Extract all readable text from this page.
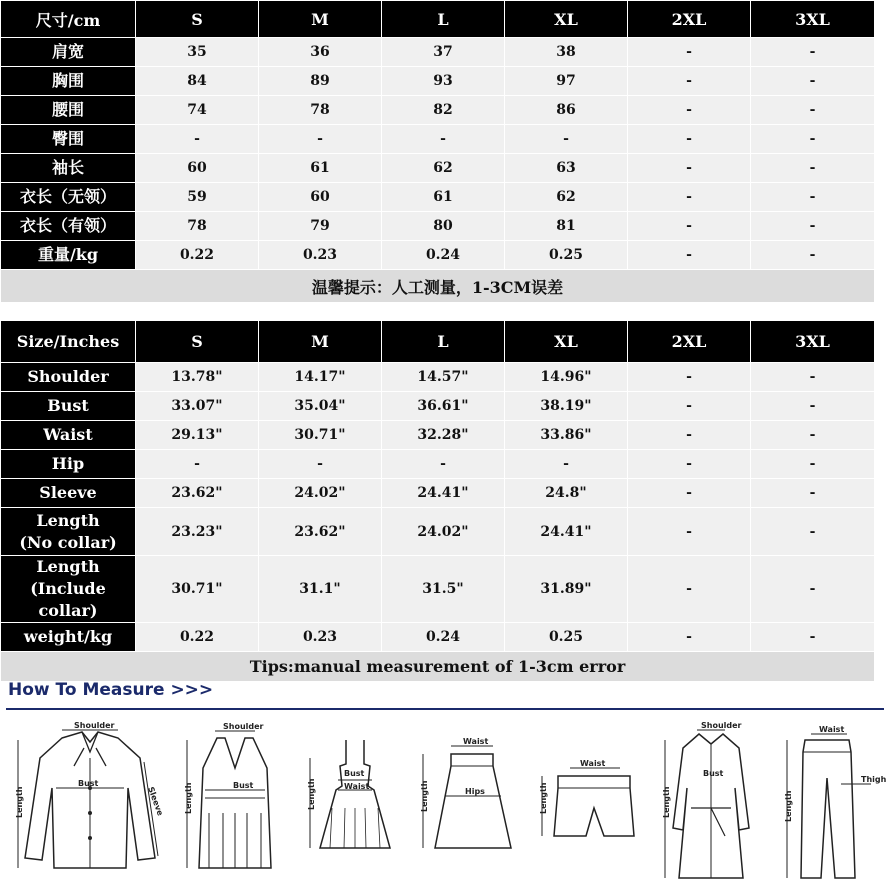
尺寸/cm	S	M	L	XL	2XL	3XL

肩宽	35	36	37	38	-	-

胸围	84	89	93	97	-	-

腰围	74	78	82	86	-	-

臀围	-	-	-	-	-	-

袖长	60	61	62	63	-	-

衣长（无领）	59	60	61	62	-	-

衣长（有领）	78	79	80	81	-	-

重量/kg	0.22	0.23	0.24	0.25	-	-
温馨提示：人工测量，1-3CM误差						
Size/Inches	S	M	L	XL	2XL	3XL

Shoulder	13.78"	14.17"	14.57"	14.96"	-	-

Bust	33.07"	35.04"	36.61"	38.19"	-	-

Waist	29.13"	30.71"	32.28"	33.86"	-	-

Hip	-	-	-	-	-	-

Sleeve	23.62"	24.02"	24.41"	24.8"	-	-

Length
(No collar)	23.23"	23.62"	24.02"	24.41"	-	-

Length
(Include collar)	30.71"	31.1"	31.5"	31.89"	-	-

weight/kg	0.22	0.23	0.24	0.25	-	-
Tips:manual measurement of 1-3cm error						
How To Measure >>>
Shoulder
Bust
Sleeve
Length
Shoulder
Bust
Length
Bust
Waist
Length
Waist
Hips
Length
Waist
Length
Shoulder
Bust
Length
Waist
Thigh
Length
